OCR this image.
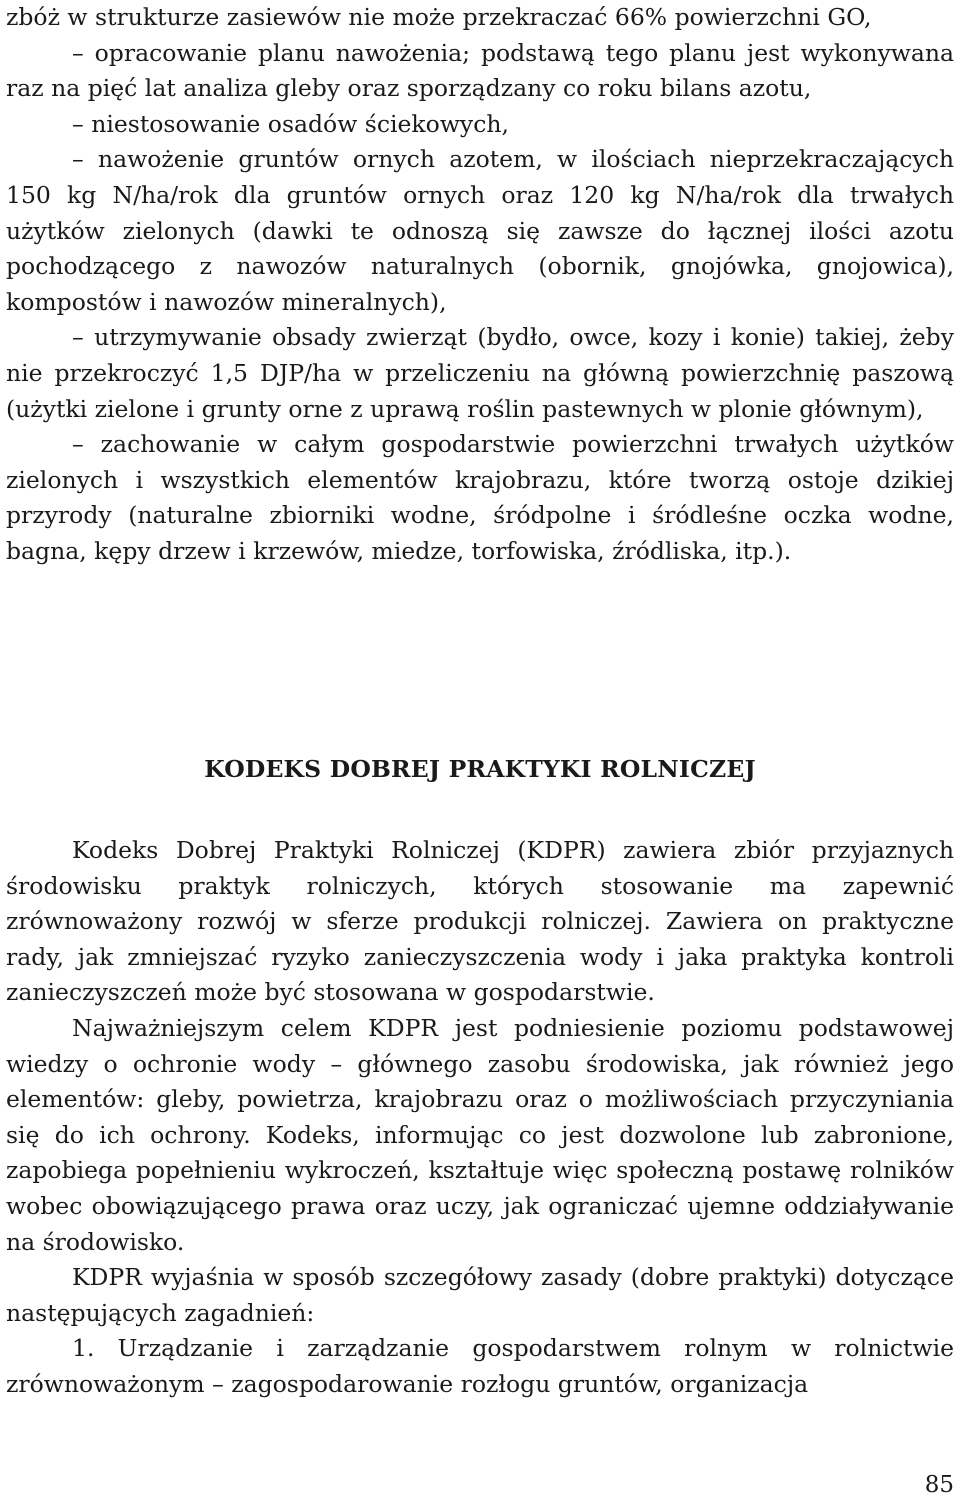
zbóż w strukturze zasiewów nie może przekraczać 66% powierzchni GO,

– opracowanie planu nawożenia; podstawą tego planu jest wykonywana raz na pięć lat analiza gleby oraz sporządzany co roku bilans azotu,

– niestosowanie osadów ściekowych,

– nawożenie gruntów ornych azotem, w ilościach nieprzekraczających 150 kg N/ha/rok dla gruntów ornych oraz 120 kg N/ha/rok dla trwałych użytków zielonych (dawki te odnoszą się zawsze do łącznej ilości azotu pochodzącego z nawozów naturalnych (obornik, gnojówka, gnojowica), kompostów i nawozów mineralnych),

– utrzymywanie obsady zwierząt (bydło, owce, kozy i konie) takiej, żeby nie przekroczyć 1,5 DJP/ha w przeliczeniu na główną powierzchnię paszową (użytki zielone i grunty orne z uprawą roślin pastewnych w plonie głównym),

– zachowanie w całym gospodarstwie powierzchni trwałych użytków zielonych i wszystkich elementów krajobrazu, które tworzą ostoje dzikiej przyrody (naturalne zbiorniki wodne, śródpolne i śródleśne oczka wodne, bagna, kępy drzew i krzewów, miedze, torfowiska, źródliska, itp.).

KODEKS DOBREJ PRAKTYKI ROLNICZEJ

Kodeks Dobrej Praktyki Rolniczej (KDPR) zawiera zbiór przyjaznych środowisku praktyk rolniczych, których stosowanie ma zapewnić zrównoważony rozwój w sferze produkcji rolniczej. Zawiera on praktyczne rady, jak zmniejszać ryzyko zanieczyszczenia wody i jaka praktyka kontroli zanieczyszczeń może być stosowana w gospodarstwie.

Najważniejszym celem KDPR jest podniesienie poziomu podstawowej wiedzy o ochronie wody – głównego zasobu środowiska, jak również jego elementów: gleby, powietrza, krajobrazu oraz o możliwościach przyczyniania się do ich ochrony. Kodeks, informując co jest dozwolone lub zabronione, zapobiega popełnieniu wykroczeń, kształtuje więc społeczną postawę rolników wobec obowiązującego prawa oraz uczy, jak ograniczać ujemne oddziaływanie na środowisko.

KDPR wyjaśnia w sposób szczegółowy zasady (dobre praktyki) dotyczące następujących zagadnień:

1. Urządzanie i zarządzanie gospodarstwem rolnym w rolnictwie zrównoważonym – zagospodarowanie rozłogu gruntów, organizacja

85
